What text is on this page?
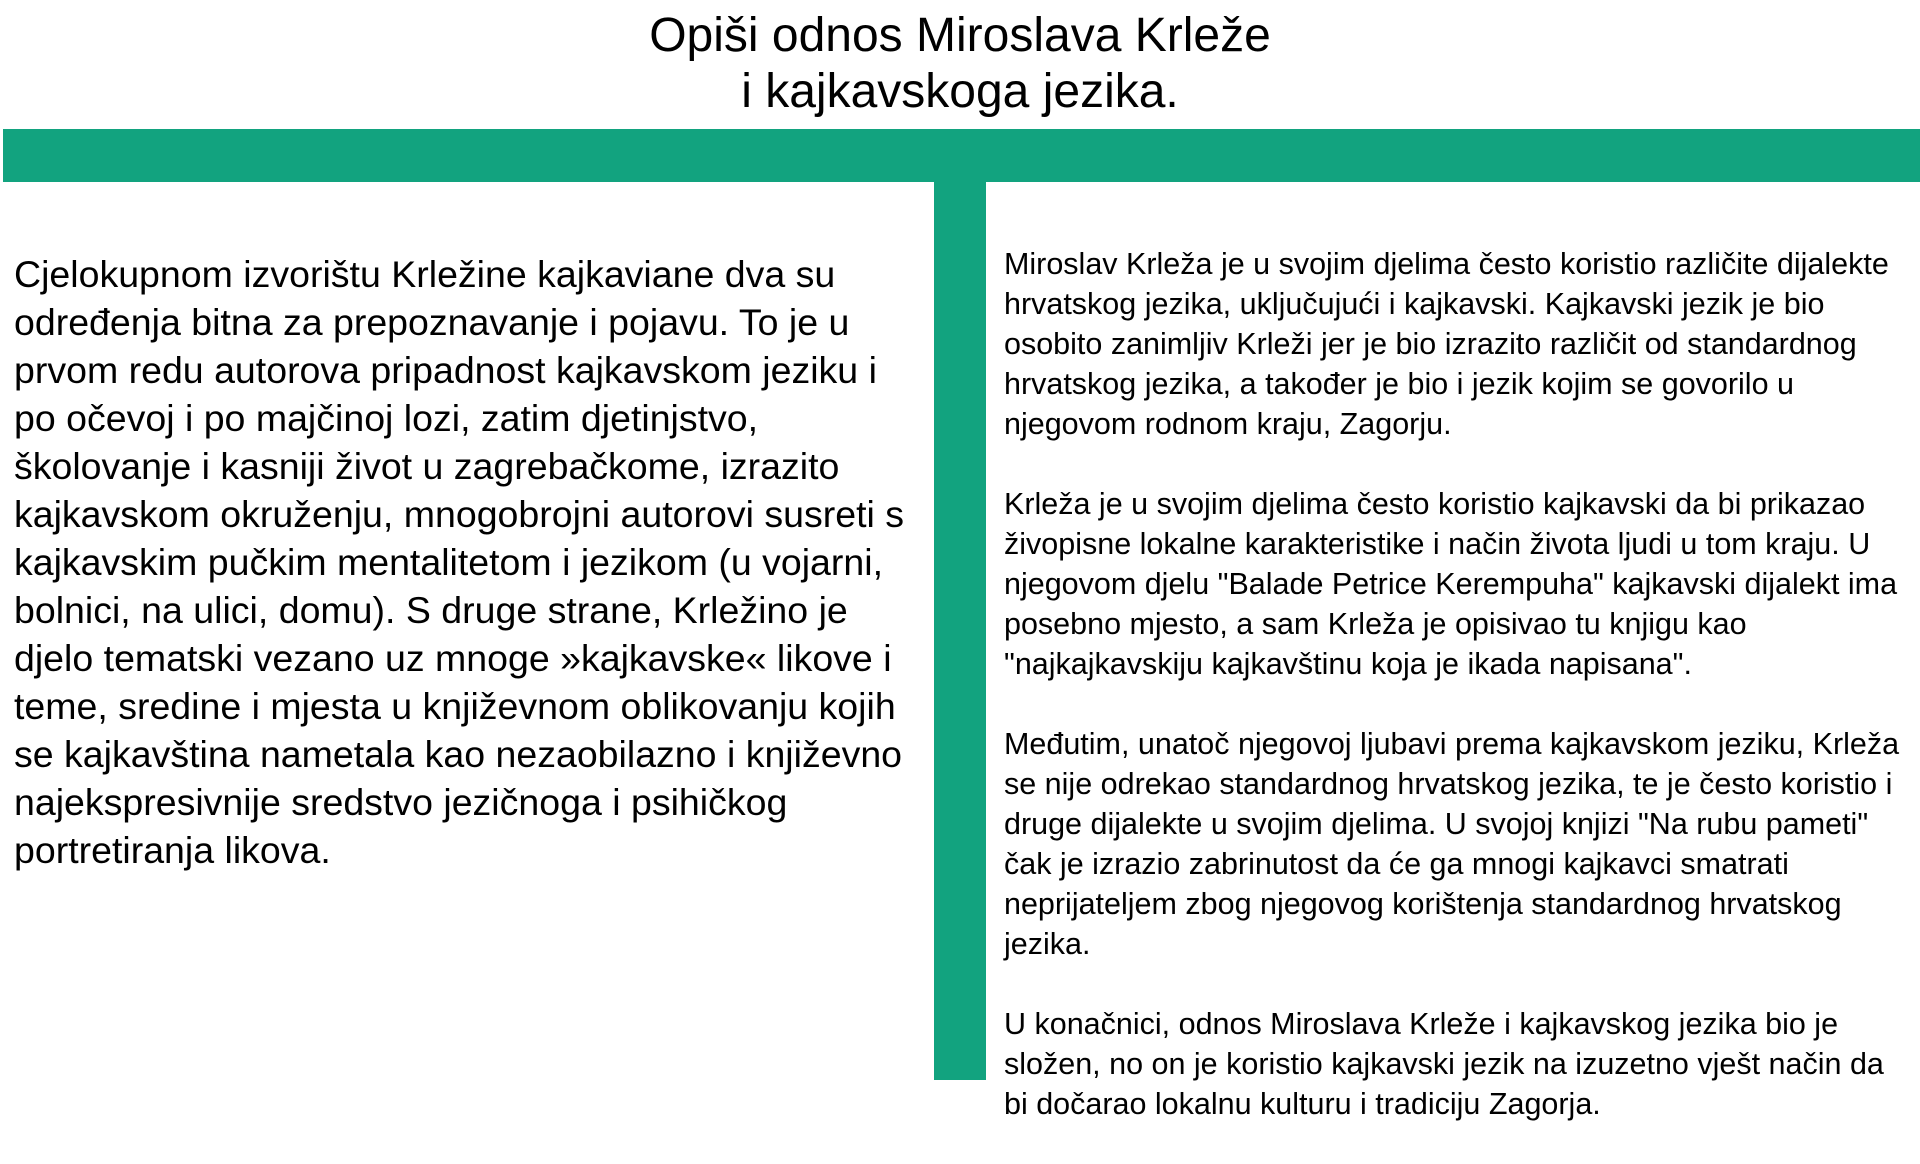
Opiši odnos Miroslava Krleže
i kajkavskoga jezika.

Cjelokupnom izvorištu Krležine kajkaviane dva su određenja bitna za prepoznavanje i pojavu. To je u prvom redu autorova pripadnost kajkavskom jeziku i po očevoj i po majčinoj lozi, zatim djetinjstvo, školovanje i kasniji život u zagrebačkome, izrazito kajkavskom okruženju, mnogobrojni autorovi susreti s kajkavskim pučkim mentalitetom i jezikom (u vojarni, bolnici, na ulici, domu). S druge strane, Krležino je djelo tematski vezano uz mnoge »kajkavske« likove i teme, sredine i mjesta u književnom oblikovanju kojih se kajkavština nametala kao nezaobilazno i književno najekspresivnije sredstvo jezičnoga i psihičkog portretiranja likova.

Miroslav Krleža je u svojim djelima često koristio različite dijalekte hrvatskog jezika, uključujući i kajkavski. Kajkavski jezik je bio osobito zanimljiv Krleži jer je bio izrazito različit od standardnog hrvatskog jezika, a također je bio i jezik kojim se govorilo u njegovom rodnom kraju, Zagorju.

Krleža je u svojim djelima često koristio kajkavski da bi prikazao živopisne lokalne karakteristike i način života ljudi u tom kraju. U njegovom djelu "Balade Petrice Kerempuha" kajkavski dijalekt ima posebno mjesto, a sam Krleža je opisivao tu knjigu kao "najkajkavskiju kajkavštinu koja je ikada napisana".

Međutim, unatoč njegovoj ljubavi prema kajkavskom jeziku, Krleža se nije odrekao standardnog hrvatskog jezika, te je često koristio i druge dijalekte u svojim djelima. U svojoj knjizi "Na rubu pameti" čak je izrazio zabrinutost da će ga mnogi kajkavci smatrati neprijateljem zbog njegovog korištenja standardnog hrvatskog jezika.

U konačnici, odnos Miroslava Krleže i kajkavskog jezika bio je složen, no on je koristio kajkavski jezik na izuzetno vješt način da bi dočarao lokalnu kulturu i tradiciju Zagorja.
